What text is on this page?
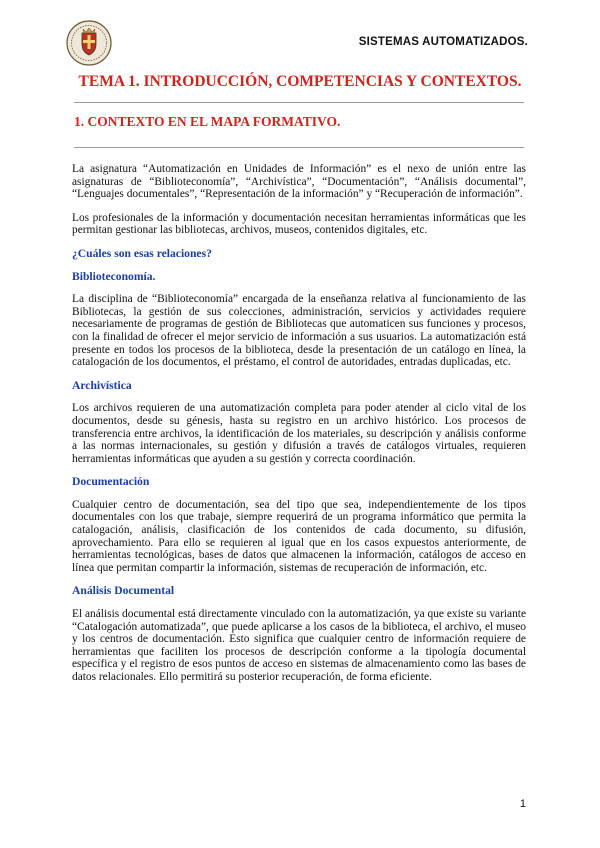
SISTEMAS AUTOMATIZADOS.
TEMA 1. INTRODUCCIÓN, COMPETENCIAS Y CONTEXTOS.
1. CONTEXTO EN EL MAPA FORMATIVO.

La asignatura “Automatización en Unidades de Información” es el nexo de unión entre las asignaturas de “Biblioteconomía”, “Archivística”, “Documentación”, “Análisis documental”, “Lenguajes documentales”, “Representación de la información” y “Recuperación de información”.

Los profesionales de la información y documentación necesitan herramientas informáticas que les permitan gestionar las bibliotecas, archivos, museos, contenidos digitales, etc.

¿Cuáles son esas relaciones?
Biblioteconomía.

La disciplina de “Biblioteconomía” encargada de la enseñanza relativa al funcionamiento de las Bibliotecas, la gestión de sus colecciones, administración, servicios y actividades requiere necesariamente de programas de gestión de Bibliotecas que automaticen sus funciones y procesos, con la finalidad de ofrecer el mejor servicio de información a sus usuarios. La automatización está presente en todos los procesos de la biblioteca, desde la presentación de un catálogo en línea, la catalogación de los documentos, el préstamo, el control de autoridades, entradas duplicadas, etc.

Archivística

Los archivos requieren de una automatización completa para poder atender al ciclo vital de los documentos, desde su génesis, hasta su registro en un archivo histórico. Los procesos de transferencia entre archivos, la identificación de los materiales, su descripción y análisis conforme a las normas internacionales, su gestión y difusión a través de catálogos virtuales, requieren herramientas informáticas que ayuden a su gestión y correcta coordinación.

Documentación

Cualquier centro de documentación, sea del tipo que sea, independientemente de los tipos documentales con los que trabaje, siempre requerirá de un programa informático que permita la catalogación, análisis, clasificación de los contenidos de cada documento, su difusión, aprovechamiento. Para ello se requieren al igual que en los casos expuestos anteriormente, de herramientas tecnológicas, bases de datos que almacenen la información, catálogos de acceso en línea que permitan compartir la información, sistemas de recuperación de información, etc.

Análisis Documental

El análisis documental está directamente vinculado con la automatización, ya que existe su variante “Catalogación automatizada”, que puede aplicarse a los casos de la biblioteca, el archivo, el museo y los centros de documentación. Esto significa que cualquier centro de información requiere de herramientas que faciliten los procesos de descripción conforme a la tipología documental específica y el registro de esos puntos de acceso en sistemas de almacenamiento como las bases de datos relacionales. Ello permitirá su posterior recuperación, de forma eficiente.

1
